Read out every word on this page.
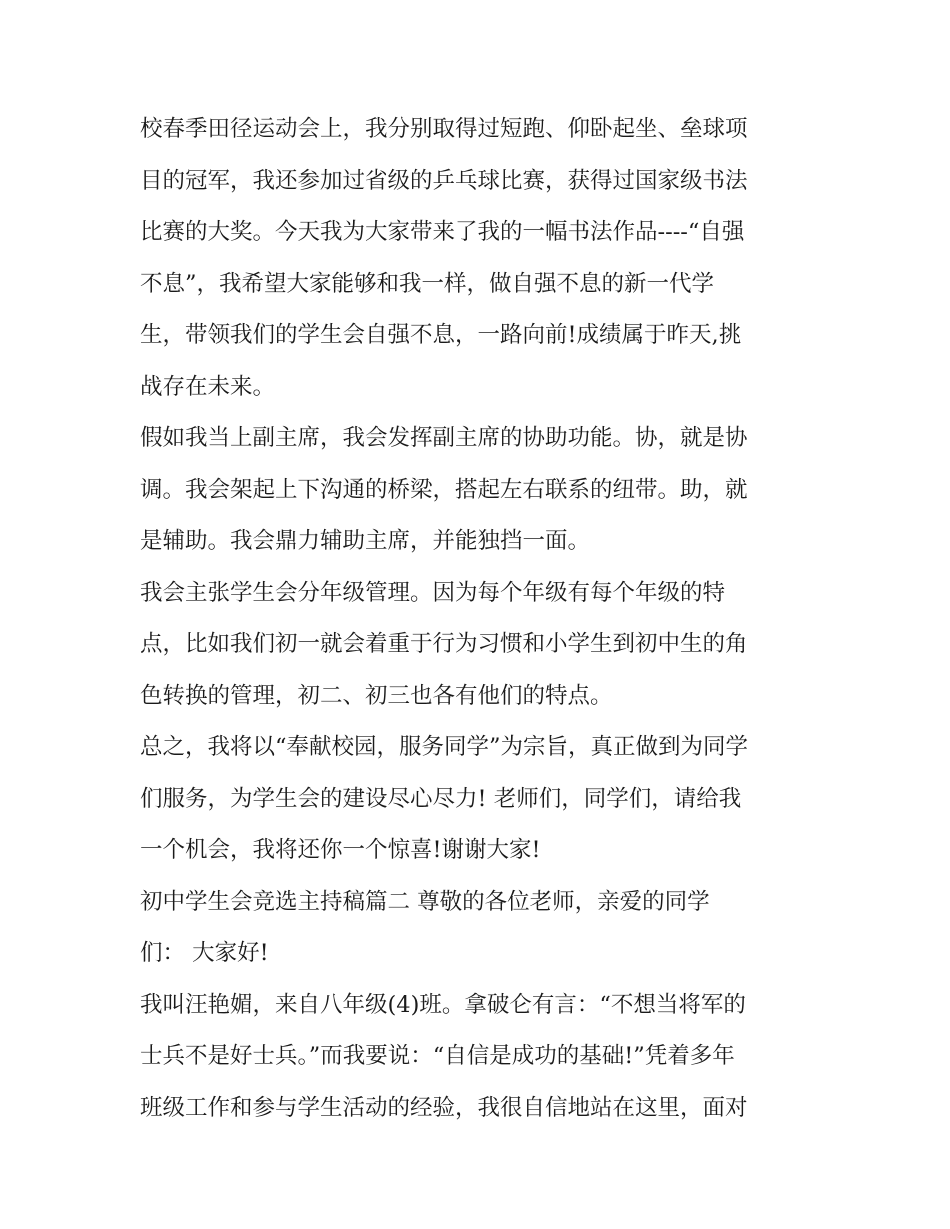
校春季田径运动会上，我分别取得过短跑、仰卧起坐、垒球项
目的冠军，我还参加过省级的乒乓球比赛，获得过国家级书法
比赛的大奖。今天我为大家带来了我的一幅书法作品----“自强
不息”，我希望大家能够和我一样，做自强不息的新一代学
生，带领我们的学生会自强不息，一路向前!成绩属于昨天,挑
战存在未来。
假如我当上副主席，我会发挥副主席的协助功能。协，就是协
调。我会架起上下沟通的桥梁，搭起左右联系的纽带。助，就
是辅助。我会鼎力辅助主席，并能独挡一面。
我会主张学生会分年级管理。因为每个年级有每个年级的特
点，比如我们初一就会着重于行为习惯和小学生到初中生的角
色转换的管理，初二、初三也各有他们的特点。
总之，我将以“奉献校园，服务同学”为宗旨，真正做到为同学
们服务，为学生会的建设尽心尽力! 老师们，同学们，请给我
一个机会，我将还你一个惊喜!谢谢大家!
初中学生会竞选主持稿篇二 尊敬的各位老师，亲爱的同学
们： 大家好!
我叫汪艳媚，来自八年级(4)班。拿破仑有言：“不想当将军的
士兵不是好士兵。”而我要说：“自信是成功的基础!”凭着多年
班级工作和参与学生活动的经验，我很自信地站在这里，面对
